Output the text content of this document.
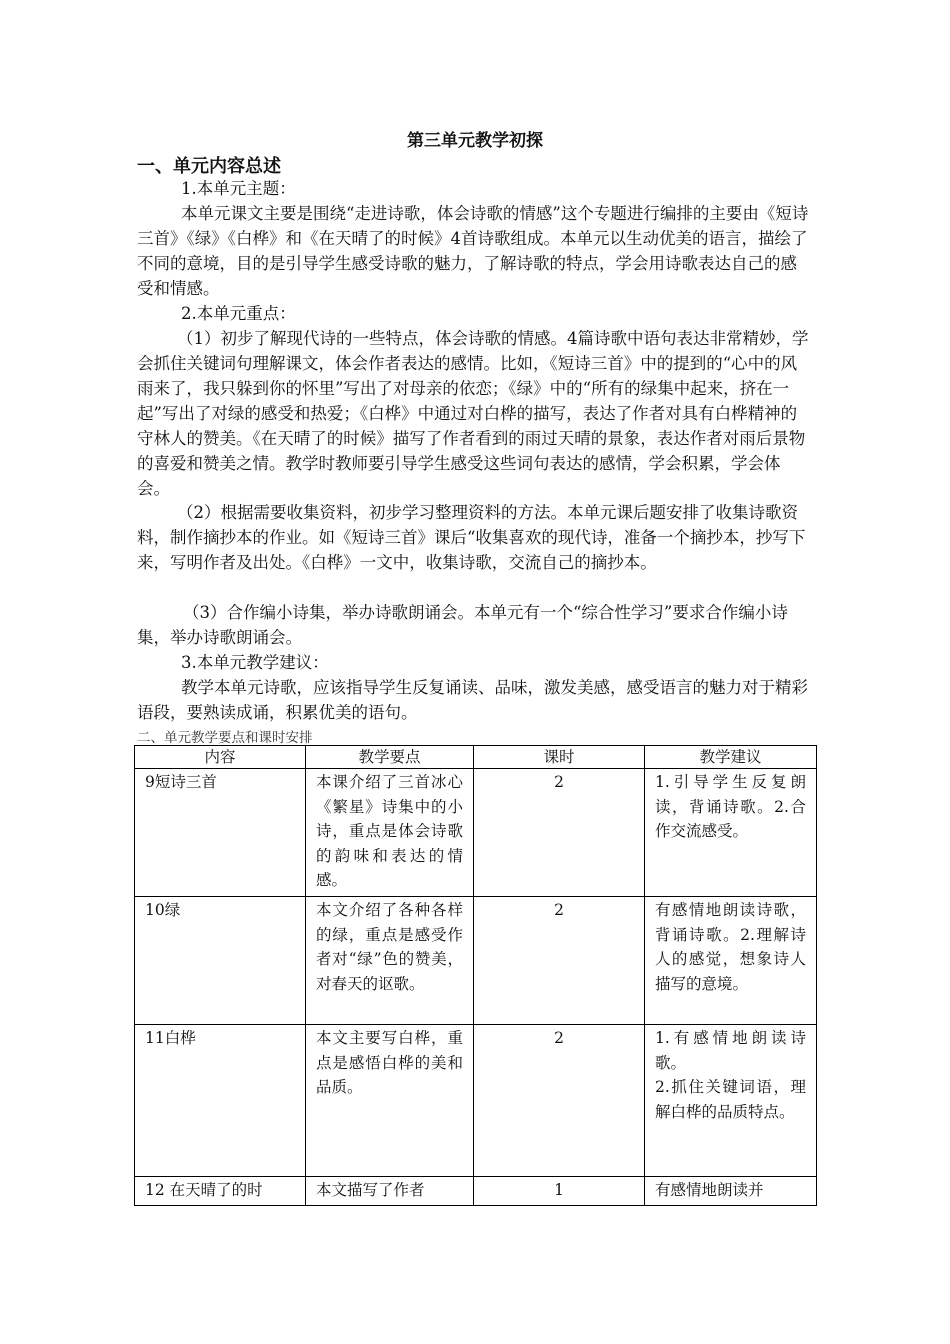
第三单元教学初探
一、单元内容总述
1.本单元主题：
本单元课文主要是围绕“走进诗歌，体会诗歌的情感”这个专题进行编排的主要由《短诗三首》《绿》《白桦》和《在天晴了的时候》4首诗歌组成。本单元以生动优美的语言，描绘了不同的意境，目的是引导学生感受诗歌的魅力，了解诗歌的特点，学会用诗歌表达自己的感受和情感。
2.本单元重点：
（1）初步了解现代诗的一些特点，体会诗歌的情感。4篇诗歌中语句表达非常精妙，学会抓住关键词句理解课文，体会作者表达的感情。比如，《短诗三首》中的提到的“心中的风雨来了，我只躲到你的怀里”写出了对母亲的依恋；《绿》中的“所有的绿集中起来，挤在一起”写出了对绿的感受和热爱；《白桦》中通过对白桦的描写，表达了作者对具有白桦精神的守林人的赞美。《在天晴了的时候》描写了作者看到的雨过天晴的景象，表达作者对雨后景物的喜爱和赞美之情。教学时教师要引导学生感受这些词句表达的感情，学会积累，学会体会。
（2）根据需要收集资料，初步学习整理资料的方法。本单元课后题安排了收集诗歌资料，制作摘抄本的作业。如《短诗三首》课后“收集喜欢的现代诗，准备一个摘抄本，抄写下来，写明作者及出处。《白桦》一文中，收集诗歌，交流自己的摘抄本。
（3）合作编小诗集，举办诗歌朗诵会。本单元有一个“综合性学习”要求合作编小诗集，举办诗歌朗诵会。
3.本单元教学建议：
教学本单元诗歌，应该指导学生反复诵读、品味，激发美感，感受语言的魅力对于精彩语段，要熟读成诵，积累优美的语句。
二、单元教学要点和课时安排
内容	教学要点	课时	教学建议
9短诗三首	本课介绍了三首冰心《繁星》诗集中的小诗，重点是体会诗歌的韵味和表达的情感。	2	1.引导学生反复朗读，背诵诗歌。2.合作交流感受。
10绿	本文介绍了各种各样的绿，重点是感受作者对“绿”色的赞美，对春天的讴歌。	2	有感情地朗读诗歌，背诵诗歌。2.理解诗人的感觉，想象诗人描写的意境。
11白桦	本文主要写白桦，重点是感悟白桦的美和品质。	2	1.有感情地朗读诗歌。
2.抓住关键词语，理解白桦的品质特点。
12 在天晴了的时	本文描写了作者	1	有感情地朗读并
